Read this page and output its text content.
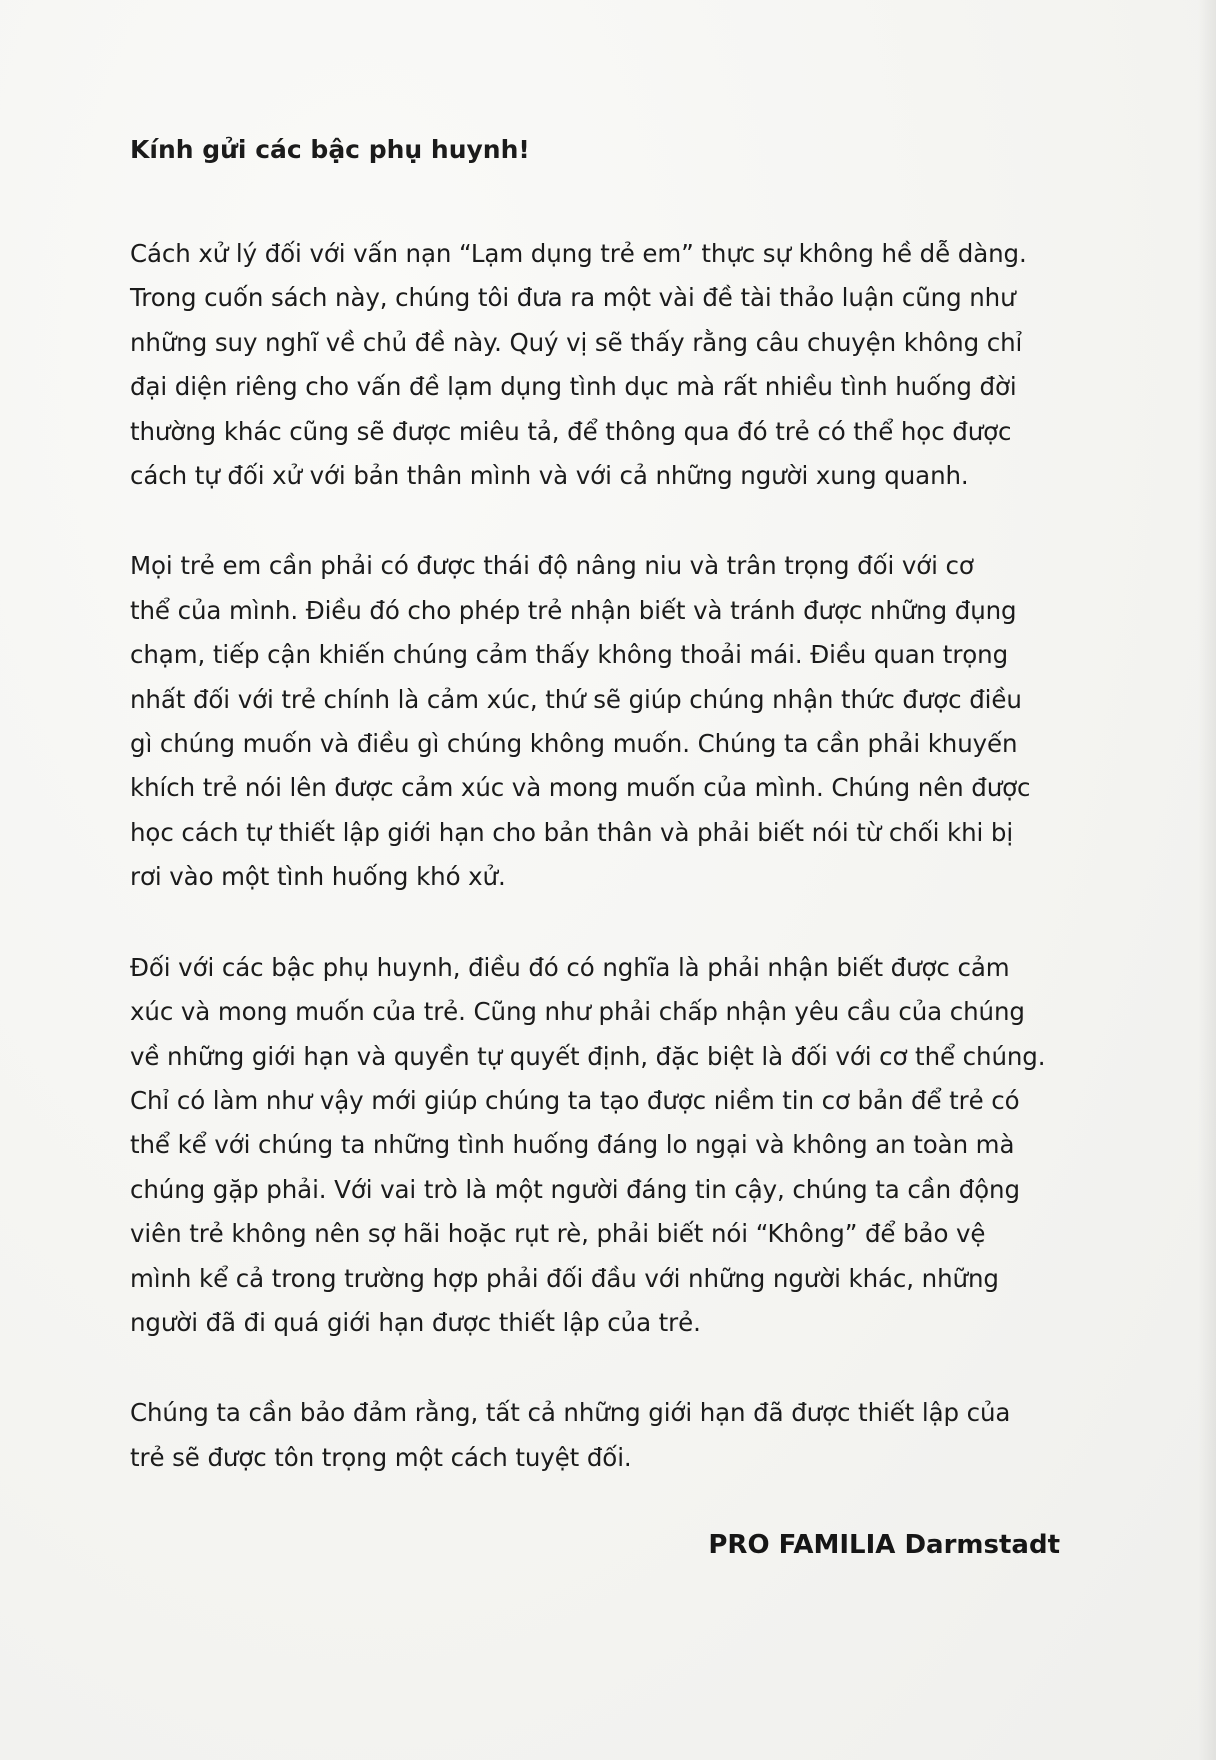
Kính gửi các bậc phụ huynh!
Cách xử lý đối với vấn nạn “Lạm dụng trẻ em” thực sự không hề dễ dàng.
Trong cuốn sách này, chúng tôi đưa ra một vài đề tài thảo luận cũng như
những suy nghĩ về chủ đề này. Quý vị sẽ thấy rằng câu chuyện không chỉ
đại diện riêng cho vấn đề lạm dụng tình dục mà rất nhiều tình huống đời
thường khác cũng sẽ được miêu tả, để thông qua đó trẻ có thể học được
cách tự đối xử với bản thân mình và với cả những người xung quanh.
Mọi trẻ em cần phải có được thái độ nâng niu và trân trọng đối với cơ
thể của mình. Điều đó cho phép trẻ nhận biết và tránh được những đụng
chạm, tiếp cận khiến chúng cảm thấy không thoải mái. Điều quan trọng
nhất đối với trẻ chính là cảm xúc, thứ sẽ giúp chúng nhận thức được điều
gì chúng muốn và điều gì chúng không muốn. Chúng ta cần phải khuyến
khích trẻ nói lên được cảm xúc và mong muốn của mình. Chúng nên được
học cách tự thiết lập giới hạn cho bản thân và phải biết nói từ chối khi bị
rơi vào một tình huống khó xử.
Đối với các bậc phụ huynh, điều đó có nghĩa là phải nhận biết được cảm
xúc và mong muốn của trẻ. Cũng như phải chấp nhận yêu cầu của chúng
về những giới hạn và quyền tự quyết định, đặc biệt là đối với cơ thể chúng.
Chỉ có làm như vậy mới giúp chúng ta tạo được niềm tin cơ bản để trẻ có
thể kể với chúng ta những tình huống đáng lo ngại và không an toàn mà
chúng gặp phải. Với vai trò là một người đáng tin cậy, chúng ta cần động
viên trẻ không nên sợ hãi hoặc rụt rè, phải biết nói “Không” để bảo vệ
mình kể cả trong trường hợp phải đối đầu với những người khác, những
người đã đi quá giới hạn được thiết lập của trẻ.
Chúng ta cần bảo đảm rằng, tất cả những giới hạn đã được thiết lập của
trẻ sẽ được tôn trọng một cách tuyệt đối.
PRO FAMILIA Darmstadt
